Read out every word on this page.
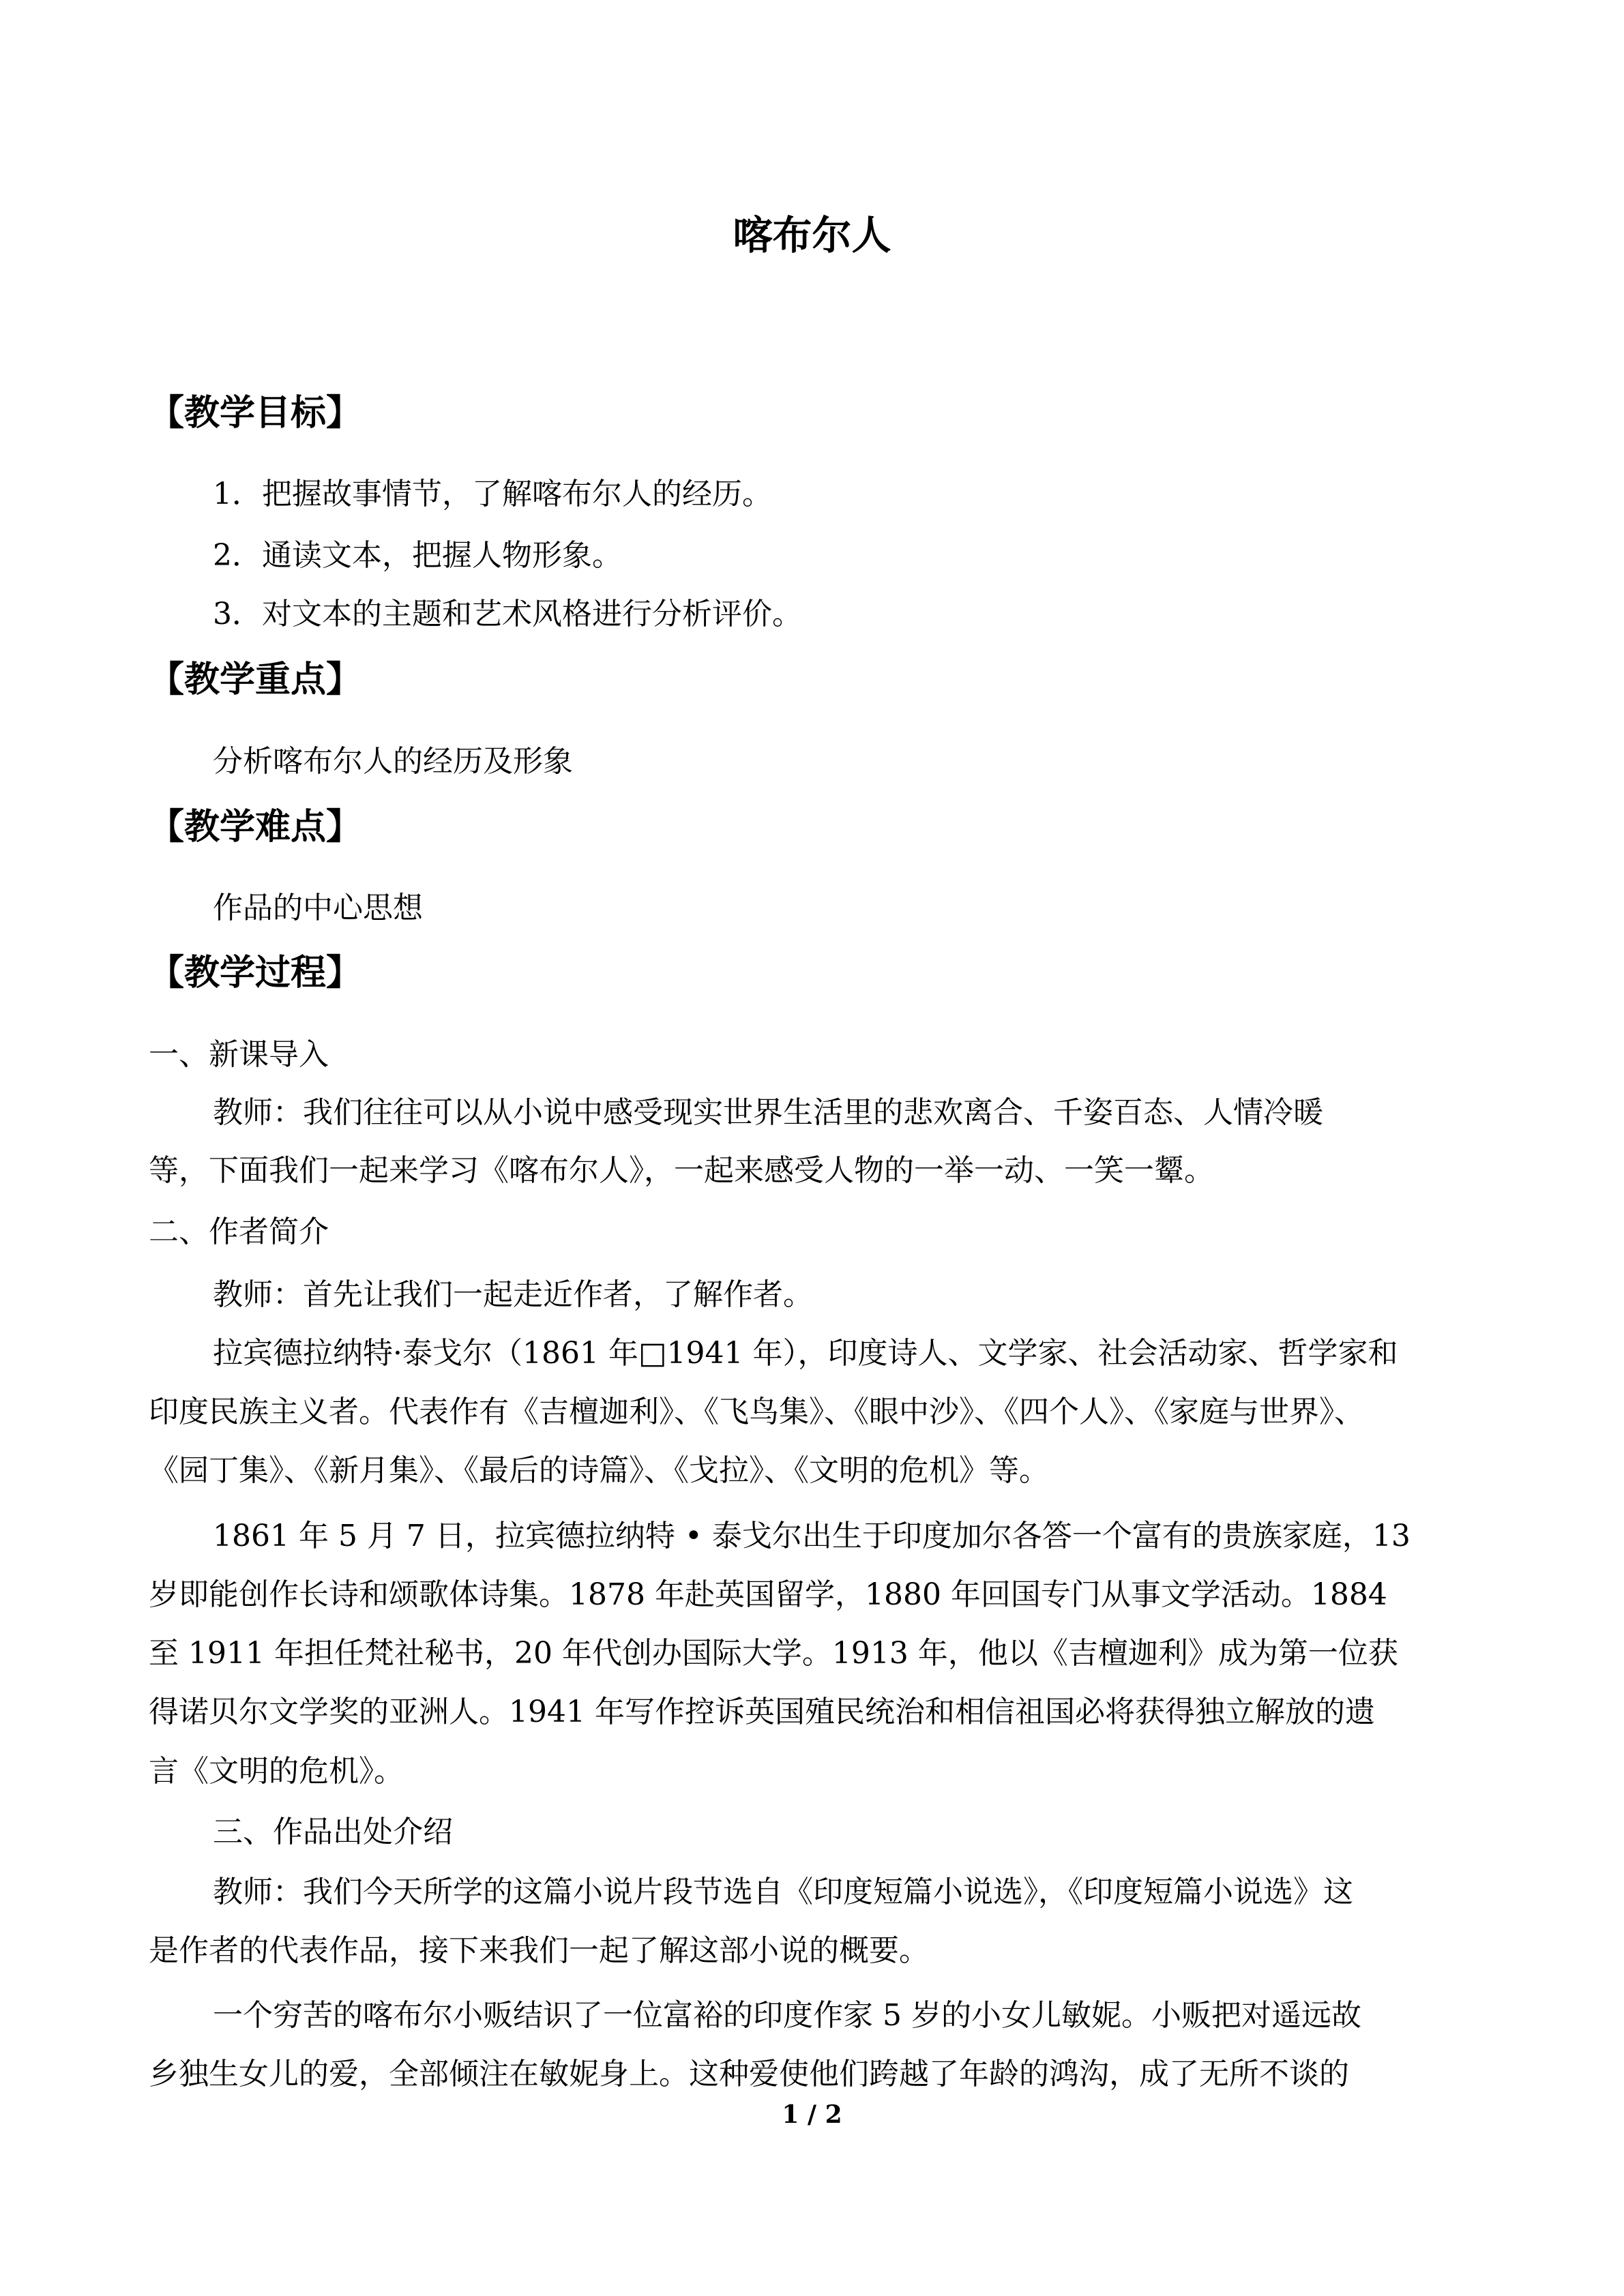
喀布尔人

【教学目标】

1．把握故事情节，了解喀布尔人的经历。

2．通读文本，把握人物形象。

3．对文本的主题和艺术风格进行分析评价。

【教学重点】

分析喀布尔人的经历及形象

【教学难点】

作品的中心思想

【教学过程】

一、新课导入

教师：我们往往可以从小说中感受现实世界生活里的悲欢离合、千姿百态、人情冷暖

等，下面我们一起来学习《喀布尔人》，一起来感受人物的一举一动、一笑一颦。

二、作者简介

教师：首先让我们一起走近作者，了解作者。

拉宾德拉纳特·泰戈尔（1861 年□1941 年），印度诗人、文学家、社会活动家、哲学家和

印度民族主义者。代表作有《吉檀迦利》、《飞鸟集》、《眼中沙》、《四个人》、《家庭与世界》、

《园丁集》、《新月集》、《最后的诗篇》、《戈拉》、《文明的危机》等。

1861 年 5 月 7 日，拉宾德拉纳特 • 泰戈尔出生于印度加尔各答一个富有的贵族家庭，13

岁即能创作长诗和颂歌体诗集。1878 年赴英国留学，1880 年回国专门从事文学活动。1884

至 1911 年担任梵社秘书，20 年代创办国际大学。1913 年，他以《吉檀迦利》成为第一位获

得诺贝尔文学奖的亚洲人。1941 年写作控诉英国殖民统治和相信祖国必将获得独立解放的遗

言《文明的危机》。

三、作品出处介绍

教师：我们今天所学的这篇小说片段节选自《印度短篇小说选》，《印度短篇小说选》这

是作者的代表作品，接下来我们一起了解这部小说的概要。

一个穷苦的喀布尔小贩结识了一位富裕的印度作家 5 岁的小女儿敏妮。小贩把对遥远故

乡独生女儿的爱，全部倾注在敏妮身上。这种爱使他们跨越了年龄的鸿沟，成了无所不谈的

1 / 2
